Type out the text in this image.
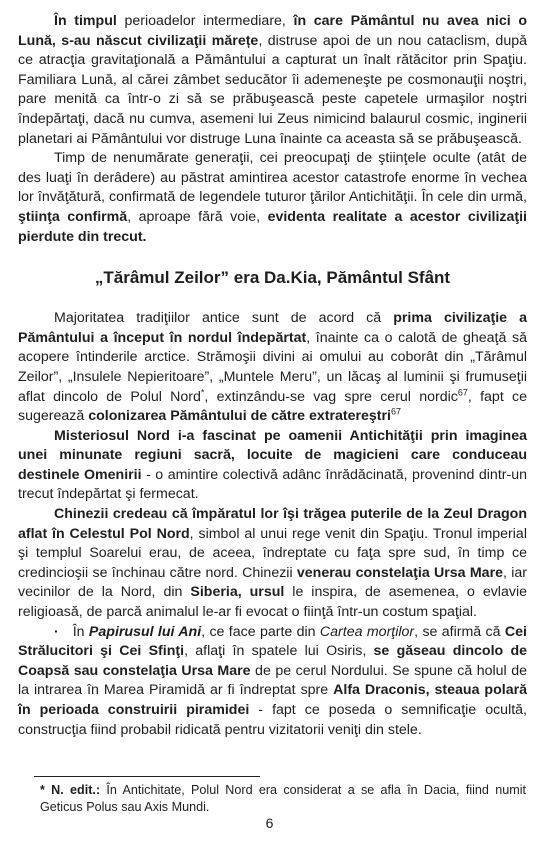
În timpul perioadelor intermediare, în care Pământul nu avea nici o Lună, s-au născut civilizaţii mărețe, distruse apoi de un nou cataclism, după ce atracţia gravitaţională a Pământului a capturat un înalt rătăcitor prin Spaţiu. Familiara Lună, al cărei zâmbet seducător îi ademeneşte pe cosmonauţii noştri, pare menită ca într-o zi să se prăbuşească peste capetele urmaşilor noştri îndepărtaţi, dacă nu cumva, asemeni lui Zeus nimicind balaurul cosmic, inginerii planetari ai Pământului vor distruge Luna înainte ca aceasta să se prăbuşească.

Timp de nenumărate generaţii, cei preocupaţi de ştiinţele oculte (atât de des luaţi în derâdere) au păstrat amintirea acestor catastrofe enorme în vechea lor învăţătură, confirmată de legendele tuturor ţărilor Antichităţii. În cele din urmă, ştiinţa confirmă, aproape fără voie, evidenta realitate a acestor civilizaţii pierdute din trecut.

„Tărâmul Zeilor” era Da.Kia, Pământul Sfânt

Majoritatea tradiţiilor antice sunt de acord că prima civilizaţie a Pământului a început în nordul îndepărtat, înainte ca o calotă de gheaţă să acopere întinderile arctice. Strămoşii divini ai omului au coborât din „Tărâmul Zeilor”, „Insulele Nepieritoare”, „Muntele Meru”, un lăcaş al luminii şi frumuseţii aflat dincolo de Polul Nord*, extinzându-se vag spre cerul nordic$^{67}$, fapt ce sugerează colonizarea Pământului de către extratereştri$^{67}$

Misteriosul Nord i-a fascinat pe oamenii Antichităţii prin imaginea unei minunate regiuni sacră, locuite de magicieni care conduceau destinele Omenirii - o amintire colectivă adânc înrădăcinată, provenind dintr-un trecut îndepărtat şi fermecat.

Chinezii credeau că împăratul lor îşi trăgea puterile de la Zeul Dragon aflat în Celestul Pol Nord, simbol al unui rege venit din Spaţiu. Tronul imperial şi templul Soarelui erau, de aceea, îndreptate cu faţa spre sud, în timp ce credincioşii se închinau către nord. Chinezii venerau constelaţia Ursa Mare, iar vecinilor de la Nord, din Siberia, ursul le inspira, de asemenea, o evlavie religioasă, de parcă animalul le-ar fi evocat o fiinţă într-un costum spaţial.

· În Papirusul lui Ani, ce face parte din Cartea morţilor, se afirmă că Cei Strălucitori şi Cei Sfinţi, aflaţi în spatele lui Osiris, se găseau dincolo de Coapsă sau constelaţia Ursa Mare de pe cerul Nordului. Se spune că holul de la intrarea în Marea Piramidă ar fi îndreptat spre Alfa Draconis, steaua polară în perioada construirii piramidei - fapt ce poseda o semnificaţie ocultă, construcţia fiind probabil ridicată pentru vizitatorii veniţi din stele.

* N. edit.: În Antichitate, Polul Nord era considerat a se afla în Dacia, fiind numit Geticus Polus sau Axis Mundi.
6
